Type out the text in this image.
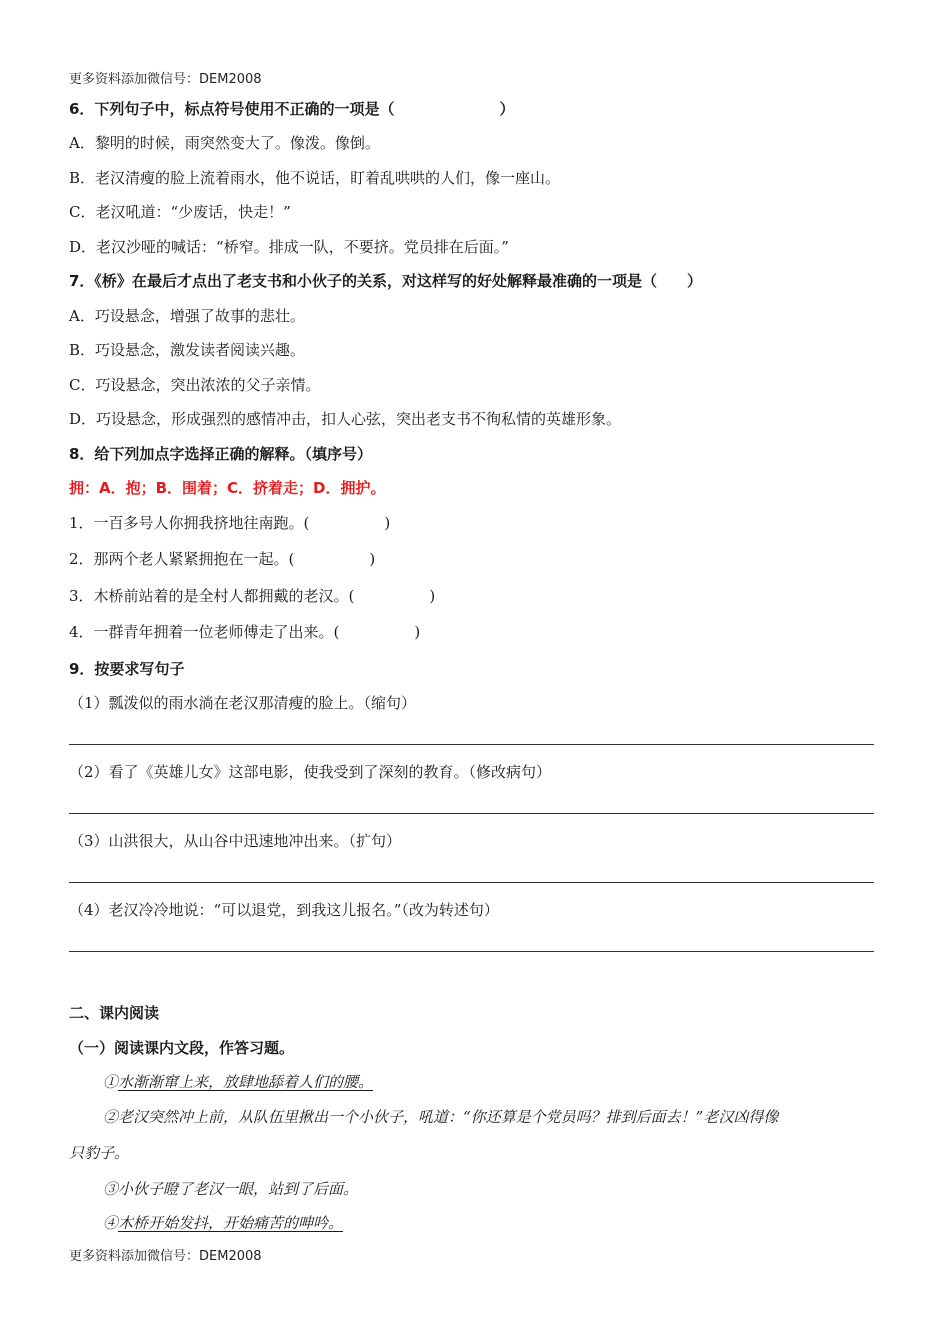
更多资料添加微信号：DEM2008
6．下列句子中，标点符号使用不正确的一项是（　　　　　　　）
A．黎明的时候，雨突然变大了。像泼。像倒。
B．老汉清瘦的脸上流着雨水，他不说话，盯着乱哄哄的人们，像一座山。
C．老汉吼道：“少废话，快走！”
D．老汉沙哑的喊话：“桥窄。排成一队，不要挤。党员排在后面。”
7．《桥》在最后才点出了老支书和小伙子的关系，对这样写的好处解释最准确的一项是（　　）
A．巧设悬念，增强了故事的悲壮。
B．巧设悬念，激发读者阅读兴趣。
C．巧设悬念，突出浓浓的父子亲情。
D．巧设悬念，形成强烈的感情冲击，扣人心弦，突出老支书不徇私情的英雄形象。
8．给下列加点字选择正确的解释。（填序号）
拥：A．抱；B．围着；C．挤着走；D．拥护。
1．一百多号人你拥我挤地往南跑。(　　　　　)
2．那两个老人紧紧拥抱在一起。(　　　　　)
3．木桥前站着的是全村人都拥戴的老汉。(　　　　　)
4．一群青年拥着一位老师傅走了出来。(　　　　　)
9．按要求写句子
（1）瓢泼似的雨水淌在老汉那清瘦的脸上。（缩句）
（2）看了《英雄儿女》这部电影，使我受到了深刻的教育。（修改病句）
（3）山洪很大，从山谷中迅速地冲出来。（扩句）
（4）老汉冷冷地说：“可以退党，到我这儿报名。”（改为转述句）
二、课内阅读
（一）阅读课内文段，作答习题。
①水渐渐窜上来，放肆地舔着人们的腰。
②老汉突然冲上前，从队伍里揪出一个小伙子，吼道：“你还算是个党员吗？排到后面去！”老汉凶得像
只豹子。
③小伙子瞪了老汉一眼，站到了后面。
④木桥开始发抖，开始痛苦的呻吟。
更多资料添加微信号：DEM2008
